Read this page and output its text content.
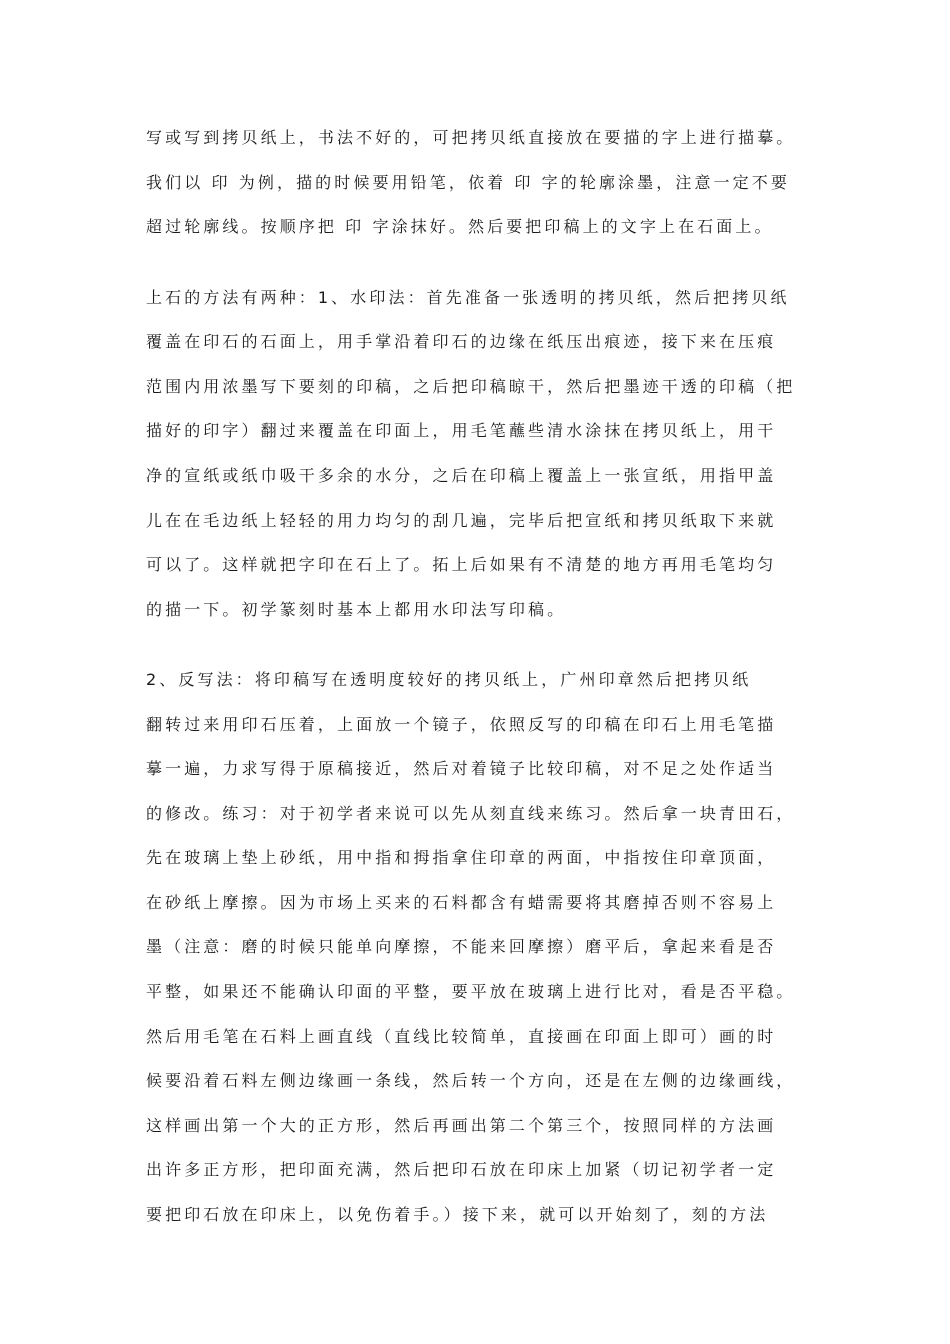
写或写到拷贝纸上，书法不好的，可把拷贝纸直接放在要描的字上进行描摹。
我们以 印 为例，描的时候要用铅笔，依着 印 字的轮廓涂墨，注意一定不要
超过轮廓线。按顺序把 印 字涂抹好。然后要把印稿上的文字上在石面上。
上石的方法有两种：1、水印法：首先准备一张透明的拷贝纸，然后把拷贝纸
覆盖在印石的石面上，用手掌沿着印石的边缘在纸压出痕迹，接下来在压痕
范围内用浓墨写下要刻的印稿，之后把印稿晾干，然后把墨迹干透的印稿（把
描好的印字）翻过来覆盖在印面上，用毛笔蘸些清水涂抹在拷贝纸上，用干
净的宣纸或纸巾吸干多余的水分，之后在印稿上覆盖上一张宣纸，用指甲盖
儿在在毛边纸上轻轻的用力均匀的刮几遍，完毕后把宣纸和拷贝纸取下来就
可以了。这样就把字印在石上了。拓上后如果有不清楚的地方再用毛笔均匀
的描一下。初学篆刻时基本上都用水印法写印稿。
2、反写法：将印稿写在透明度较好的拷贝纸上，广州印章然后把拷贝纸
翻转过来用印石压着，上面放一个镜子，依照反写的印稿在印石上用毛笔描
摹一遍，力求写得于原稿接近，然后对着镜子比较印稿，对不足之处作适当
的修改。练习：对于初学者来说可以先从刻直线来练习。然后拿一块青田石，
先在玻璃上垫上砂纸，用中指和拇指拿住印章的两面，中指按住印章顶面，
在砂纸上摩擦。因为市场上买来的石料都含有蜡需要将其磨掉否则不容易上
墨（注意：磨的时候只能单向摩擦，不能来回摩擦）磨平后，拿起来看是否
平整，如果还不能确认印面的平整，要平放在玻璃上进行比对，看是否平稳。
然后用毛笔在石料上画直线（直线比较简单，直接画在印面上即可）画的时
候要沿着石料左侧边缘画一条线，然后转一个方向，还是在左侧的边缘画线，
这样画出第一个大的正方形，然后再画出第二个第三个，按照同样的方法画
出许多正方形，把印面充满，然后把印石放在印床上加紧（切记初学者一定
要把印石放在印床上，以免伤着手。）接下来，就可以开始刻了，刻的方法
